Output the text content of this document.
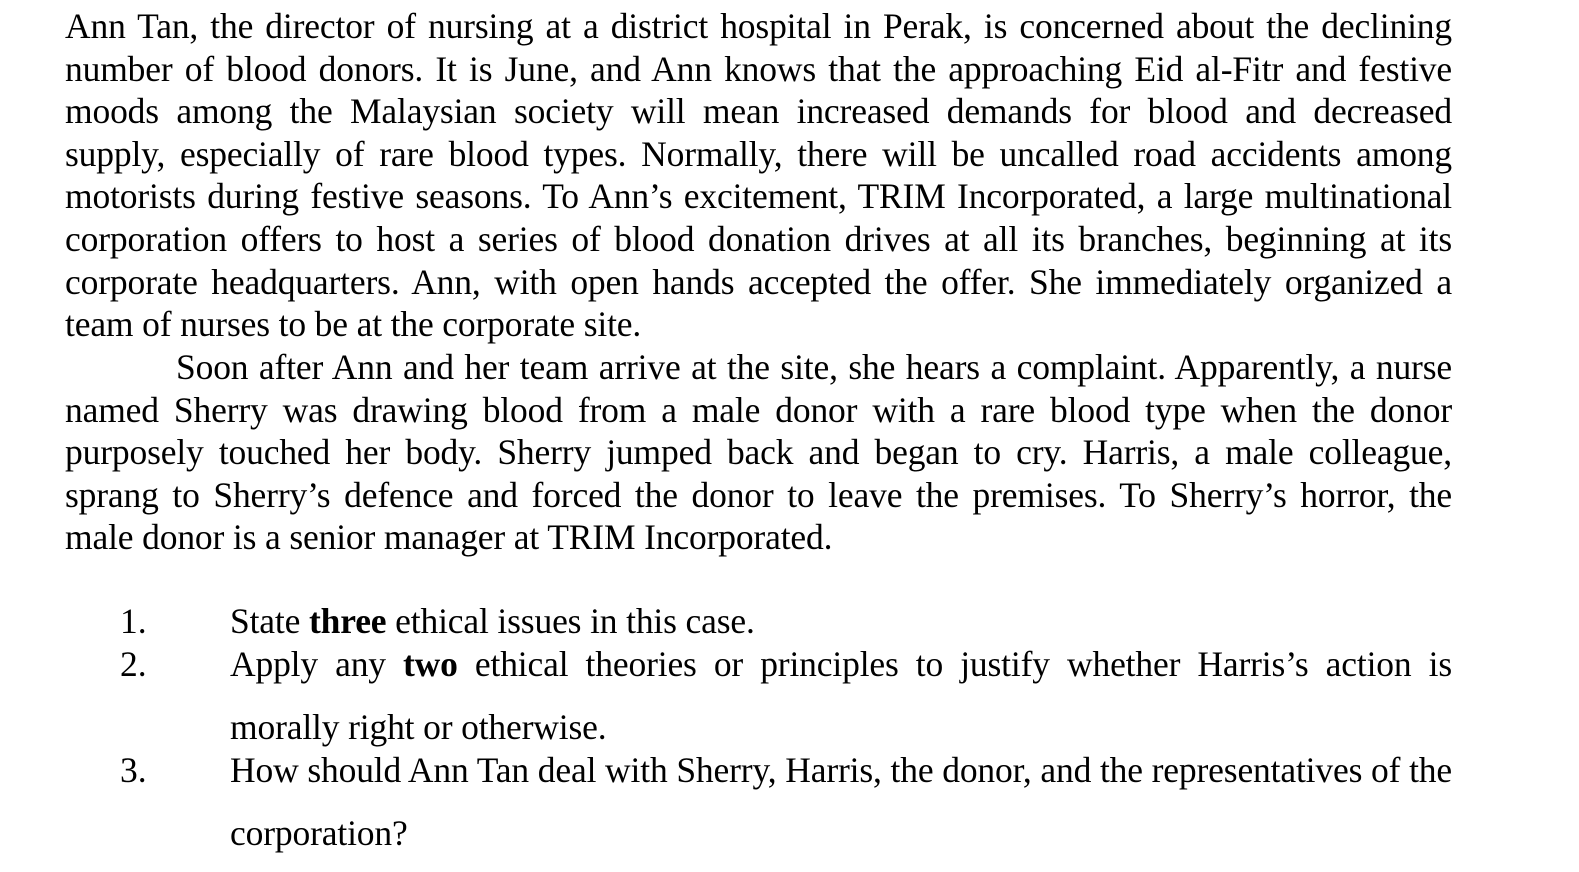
Ann Tan, the director of nursing at a district hospital in Perak, is concerned about the declining number of blood donors. It is June, and Ann knows that the approaching Eid al-Fitr and festive moods among the Malaysian society will mean increased demands for blood and decreased supply, especially of rare blood types. Normally, there will be uncalled road accidents among motorists during festive seasons. To Ann’s excitement, TRIM Incorporated, a large multinational corporation offers to host a series of blood donation drives at all its branches, beginning at its corporate headquarters. Ann, with open hands accepted the offer. She immediately organized a team of nurses to be at the corporate site.

Soon after Ann and her team arrive at the site, she hears a complaint. Apparently, a nurse named Sherry was drawing blood from a male donor with a rare blood type when the donor purposely touched her body. Sherry jumped back and began to cry. Harris, a male colleague, sprang to Sherry’s defence and forced the donor to leave the premises. To Sherry’s horror, the male donor is a senior manager at TRIM Incorporated.

1. State three ethical issues in this case.

2. Apply any two ethical theories or principles to justify whether Harris’s action is morally right or otherwise.

3. How should Ann Tan deal with Sherry, Harris, the donor, and the representatives of the corporation?
